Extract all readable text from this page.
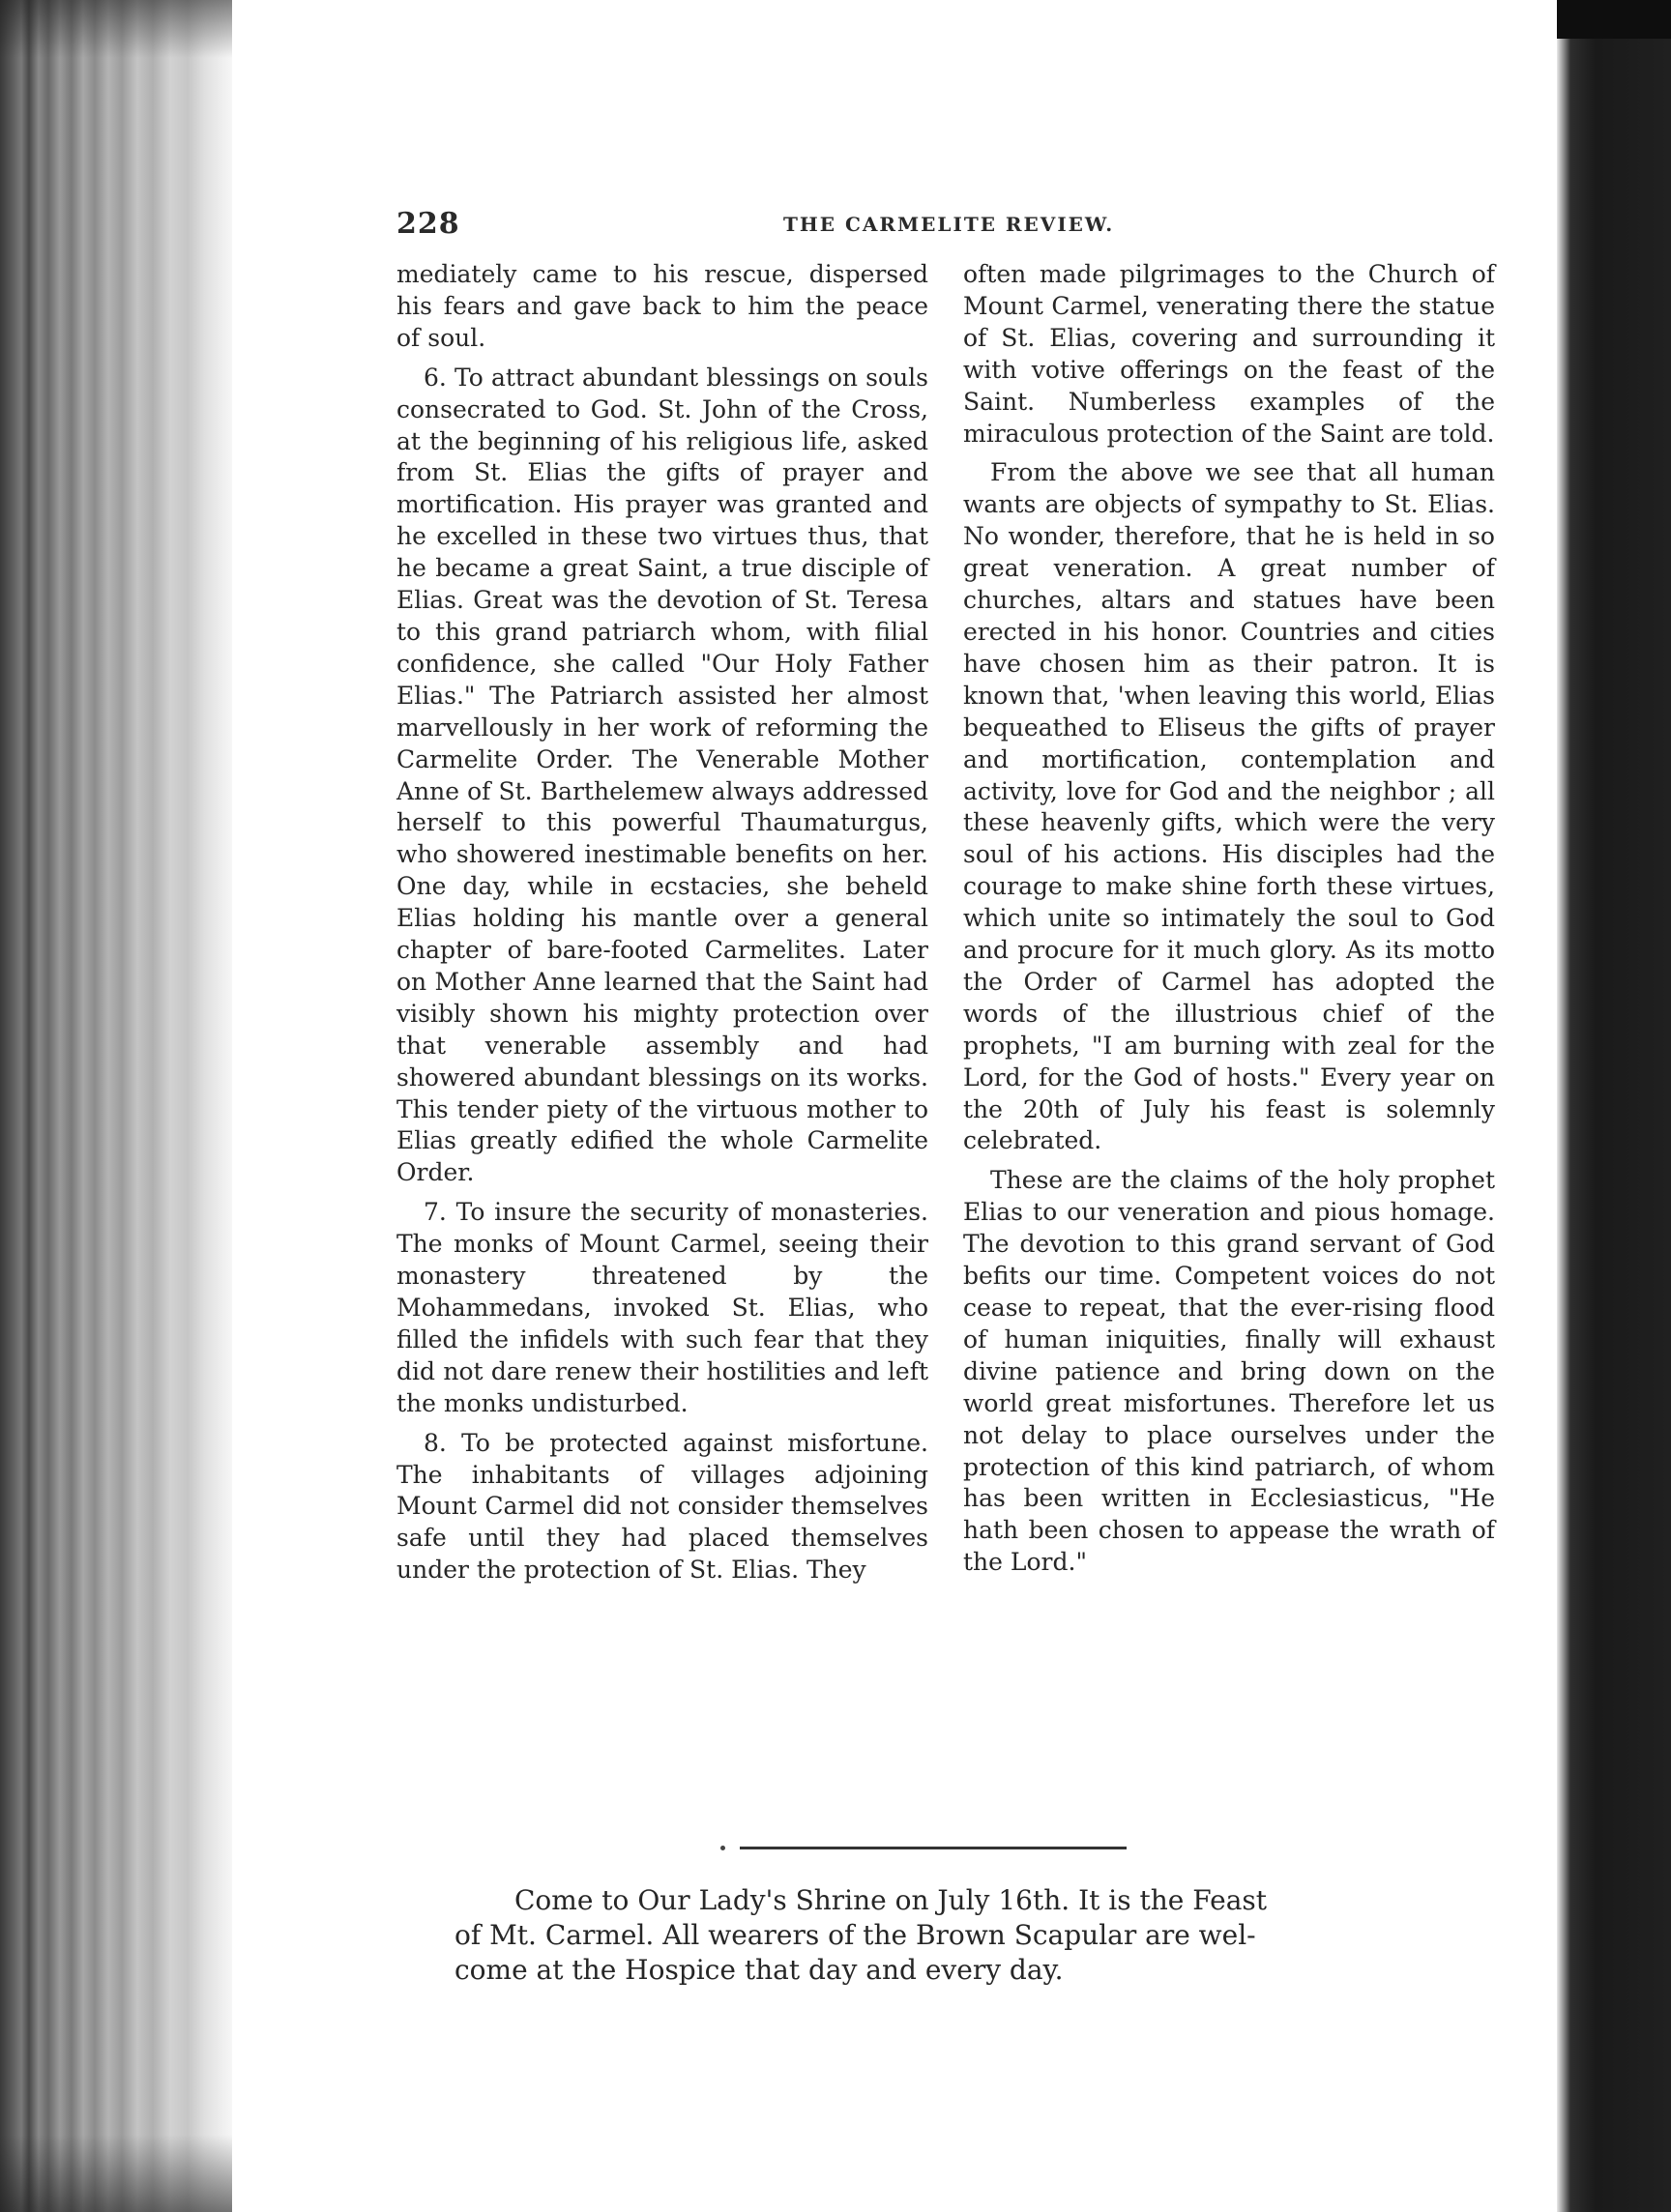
228	THE CARMELITE REVIEW.

mediately came to his rescue, dispersed his fears and gave back to him the peace of soul.

6. To attract abundant blessings on souls consecrated to God. St. John of the Cross, at the beginning of his religious life, asked from St. Elias the gifts of prayer and mortification. His prayer was granted and he excelled in these two virtues thus, that he became a great Saint, a true disciple of Elias. Great was the devotion of St. Teresa to this grand patriarch whom, with filial confidence, she called "Our Holy Father Elias." The Patriarch assisted her almost marvellously in her work of reforming the Carmelite Order. The Venerable Mother Anne of St. Barthelemew always addressed herself to this powerful Thaumaturgus, who showered inestimable benefits on her. One day, while in ecstacies, she beheld Elias holding his mantle over a general chapter of bare-footed Carmelites. Later on Mother Anne learned that the Saint had visibly shown his mighty protection over that venerable assembly and had showered abundant blessings on its works. This tender piety of the virtuous mother to Elias greatly edified the whole Carmelite Order.

7. To insure the security of monasteries. The monks of Mount Carmel, seeing their monastery threatened by the Mohammedans, invoked St. Elias, who filled the infidels with such fear that they did not dare renew their hostilities and left the monks undisturbed.

8. To be protected against misfortune. The inhabitants of villages adjoining Mount Carmel did not consider themselves safe until they had placed themselves under the protection of St. Elias. They

often made pilgrimages to the Church of Mount Carmel, venerating there the statue of St. Elias, covering and surrounding it with votive offerings on the feast of the Saint. Numberless examples of the miraculous protection of the Saint are told.

From the above we see that all human wants are objects of sympathy to St. Elias. No wonder, therefore, that he is held in so great veneration. A great number of churches, altars and statues have been erected in his honor. Countries and cities have chosen him as their patron. It is known that, 'when leaving this world, Elias bequeathed to Eliseus the gifts of prayer and mortification, contemplation and activity, love for God and the neighbor ; all these heavenly gifts, which were the very soul of his actions. His disciples had the courage to make shine forth these virtues, which unite so intimately the soul to God and procure for it much glory. As its motto the Order of Carmel has adopted the words of the illustrious chief of the prophets, "I am burning with zeal for the Lord, for the God of hosts." Every year on the 20th of July his feast is solemnly celebrated.

These are the claims of the holy prophet Elias to our veneration and pious homage. The devotion to this grand servant of God befits our time. Competent voices do not cease to repeat, that the ever-rising flood of human iniquities, finally will exhaust divine patience and bring down on the world great misfortunes. Therefore let us not delay to place ourselves under the protection of this kind patriarch, of whom has been written in Ecclesiasticus, "He hath been chosen to appease the wrath of the Lord."

Come to Our Lady's Shrine on July 16th. It is the Feast
of Mt. Carmel. All wearers of the Brown Scapular are wel-
come at the Hospice that day and every day.
